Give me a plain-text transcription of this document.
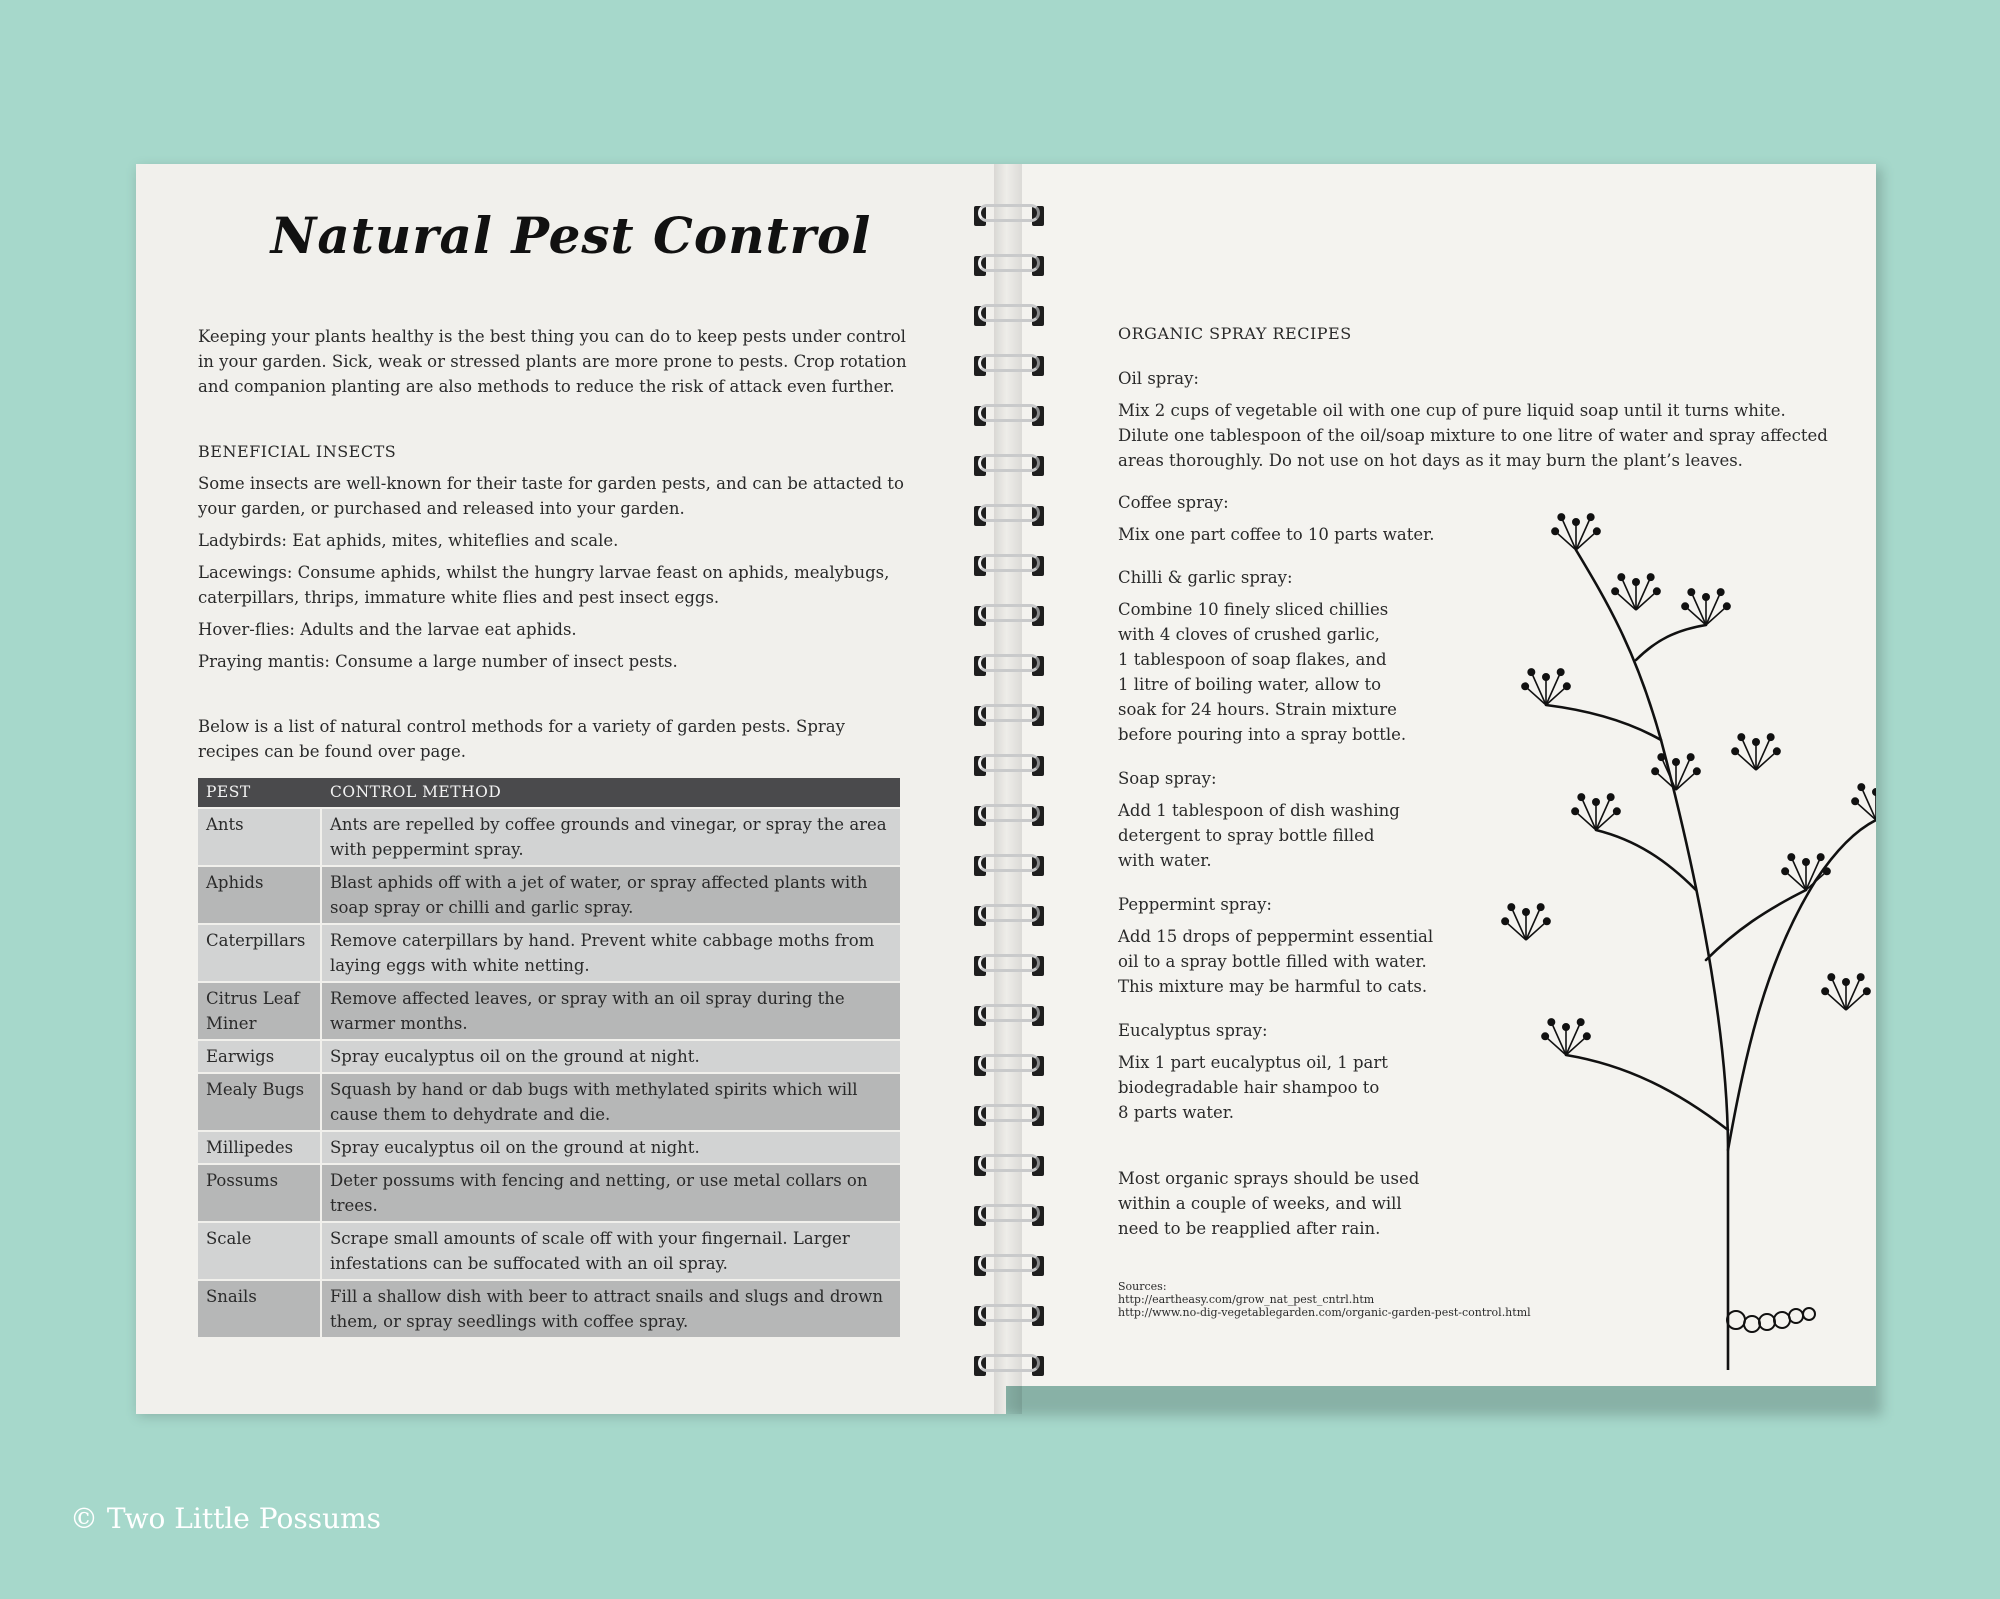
Natural Pest Control

Keeping your plants healthy is the best thing you can do to keep pests under control in your garden. Sick, weak or stressed plants are more prone to pests. Crop rotation and companion planting are also methods to reduce the risk of attack even further.

BENEFICIAL INSECTS

Some insects are well-known for their taste for garden pests, and can be attacted to your garden, or purchased and released into your garden.

Ladybirds: Eat aphids, mites, whiteflies and scale.

Lacewings: Consume aphids, whilst the hungry larvae feast on aphids, mealybugs, caterpillars, thrips, immature white flies and pest insect eggs.

Hover-flies: Adults and the larvae eat aphids.

Praying mantis: Consume a large number of insect pests.

Below is a list of natural control methods for a variety of garden pests. Spray recipes can be found over page.

PEST	CONTROL METHOD
Ants	Ants are repelled by coffee grounds and vinegar, or spray the area with peppermint spray.
Aphids	Blast aphids off with a jet of water, or spray affected plants with soap spray or chilli and garlic spray.
Caterpillars	Remove caterpillars by hand. Prevent white cabbage moths from laying eggs with white netting.
Citrus Leaf Miner	Remove affected leaves, or spray with an oil spray during the warmer months.
Earwigs	Spray eucalyptus oil on the ground at night.
Mealy Bugs	Squash by hand or dab bugs with methylated spirits which will cause them to dehydrate and die.
Millipedes	Spray eucalyptus oil on the ground at night.
Possums	Deter possums with fencing and netting, or use metal collars on trees.
Scale	Scrape small amounts of scale off with your fingernail. Larger infestations can be suffocated with an oil spray.
Snails	Fill a shallow dish with beer to attract snails and slugs and drown them, or spray seedlings with coffee spray.
ORGANIC SPRAY RECIPES

Oil spray:

Mix 2 cups of vegetable oil with one cup of pure liquid soap until it turns white. Dilute one tablespoon of the oil/soap mixture to one litre of water and spray affected areas thoroughly. Do not use on hot days as it may burn the plant’s leaves.

Coffee spray:

Mix one part coffee to 10 parts water.

Chilli & garlic spray:

Combine 10 finely sliced chillies

with 4 cloves of crushed garlic,

1 tablespoon of soap flakes, and

1 litre of boiling water, allow to

soak for 24 hours. Strain mixture

before pouring into a spray bottle.

Soap spray:

Add 1 tablespoon of dish washing

detergent to spray bottle filled

with water.

Peppermint spray:

Add 15 drops of peppermint essential

oil to a spray bottle filled with water.

This mixture may be harmful to cats.

Eucalyptus spray:

Mix 1 part eucalyptus oil, 1 part

biodegradable hair shampoo to

8 parts water.

Most organic sprays should be used

within a couple of weeks, and will

need to be reapplied after rain.

Sources:
http://eartheasy.com/grow_nat_pest_cntrl.htm
http://www.no-dig-vegetablegarden.com/organic-garden-pest-control.html
© Two Little Possums
